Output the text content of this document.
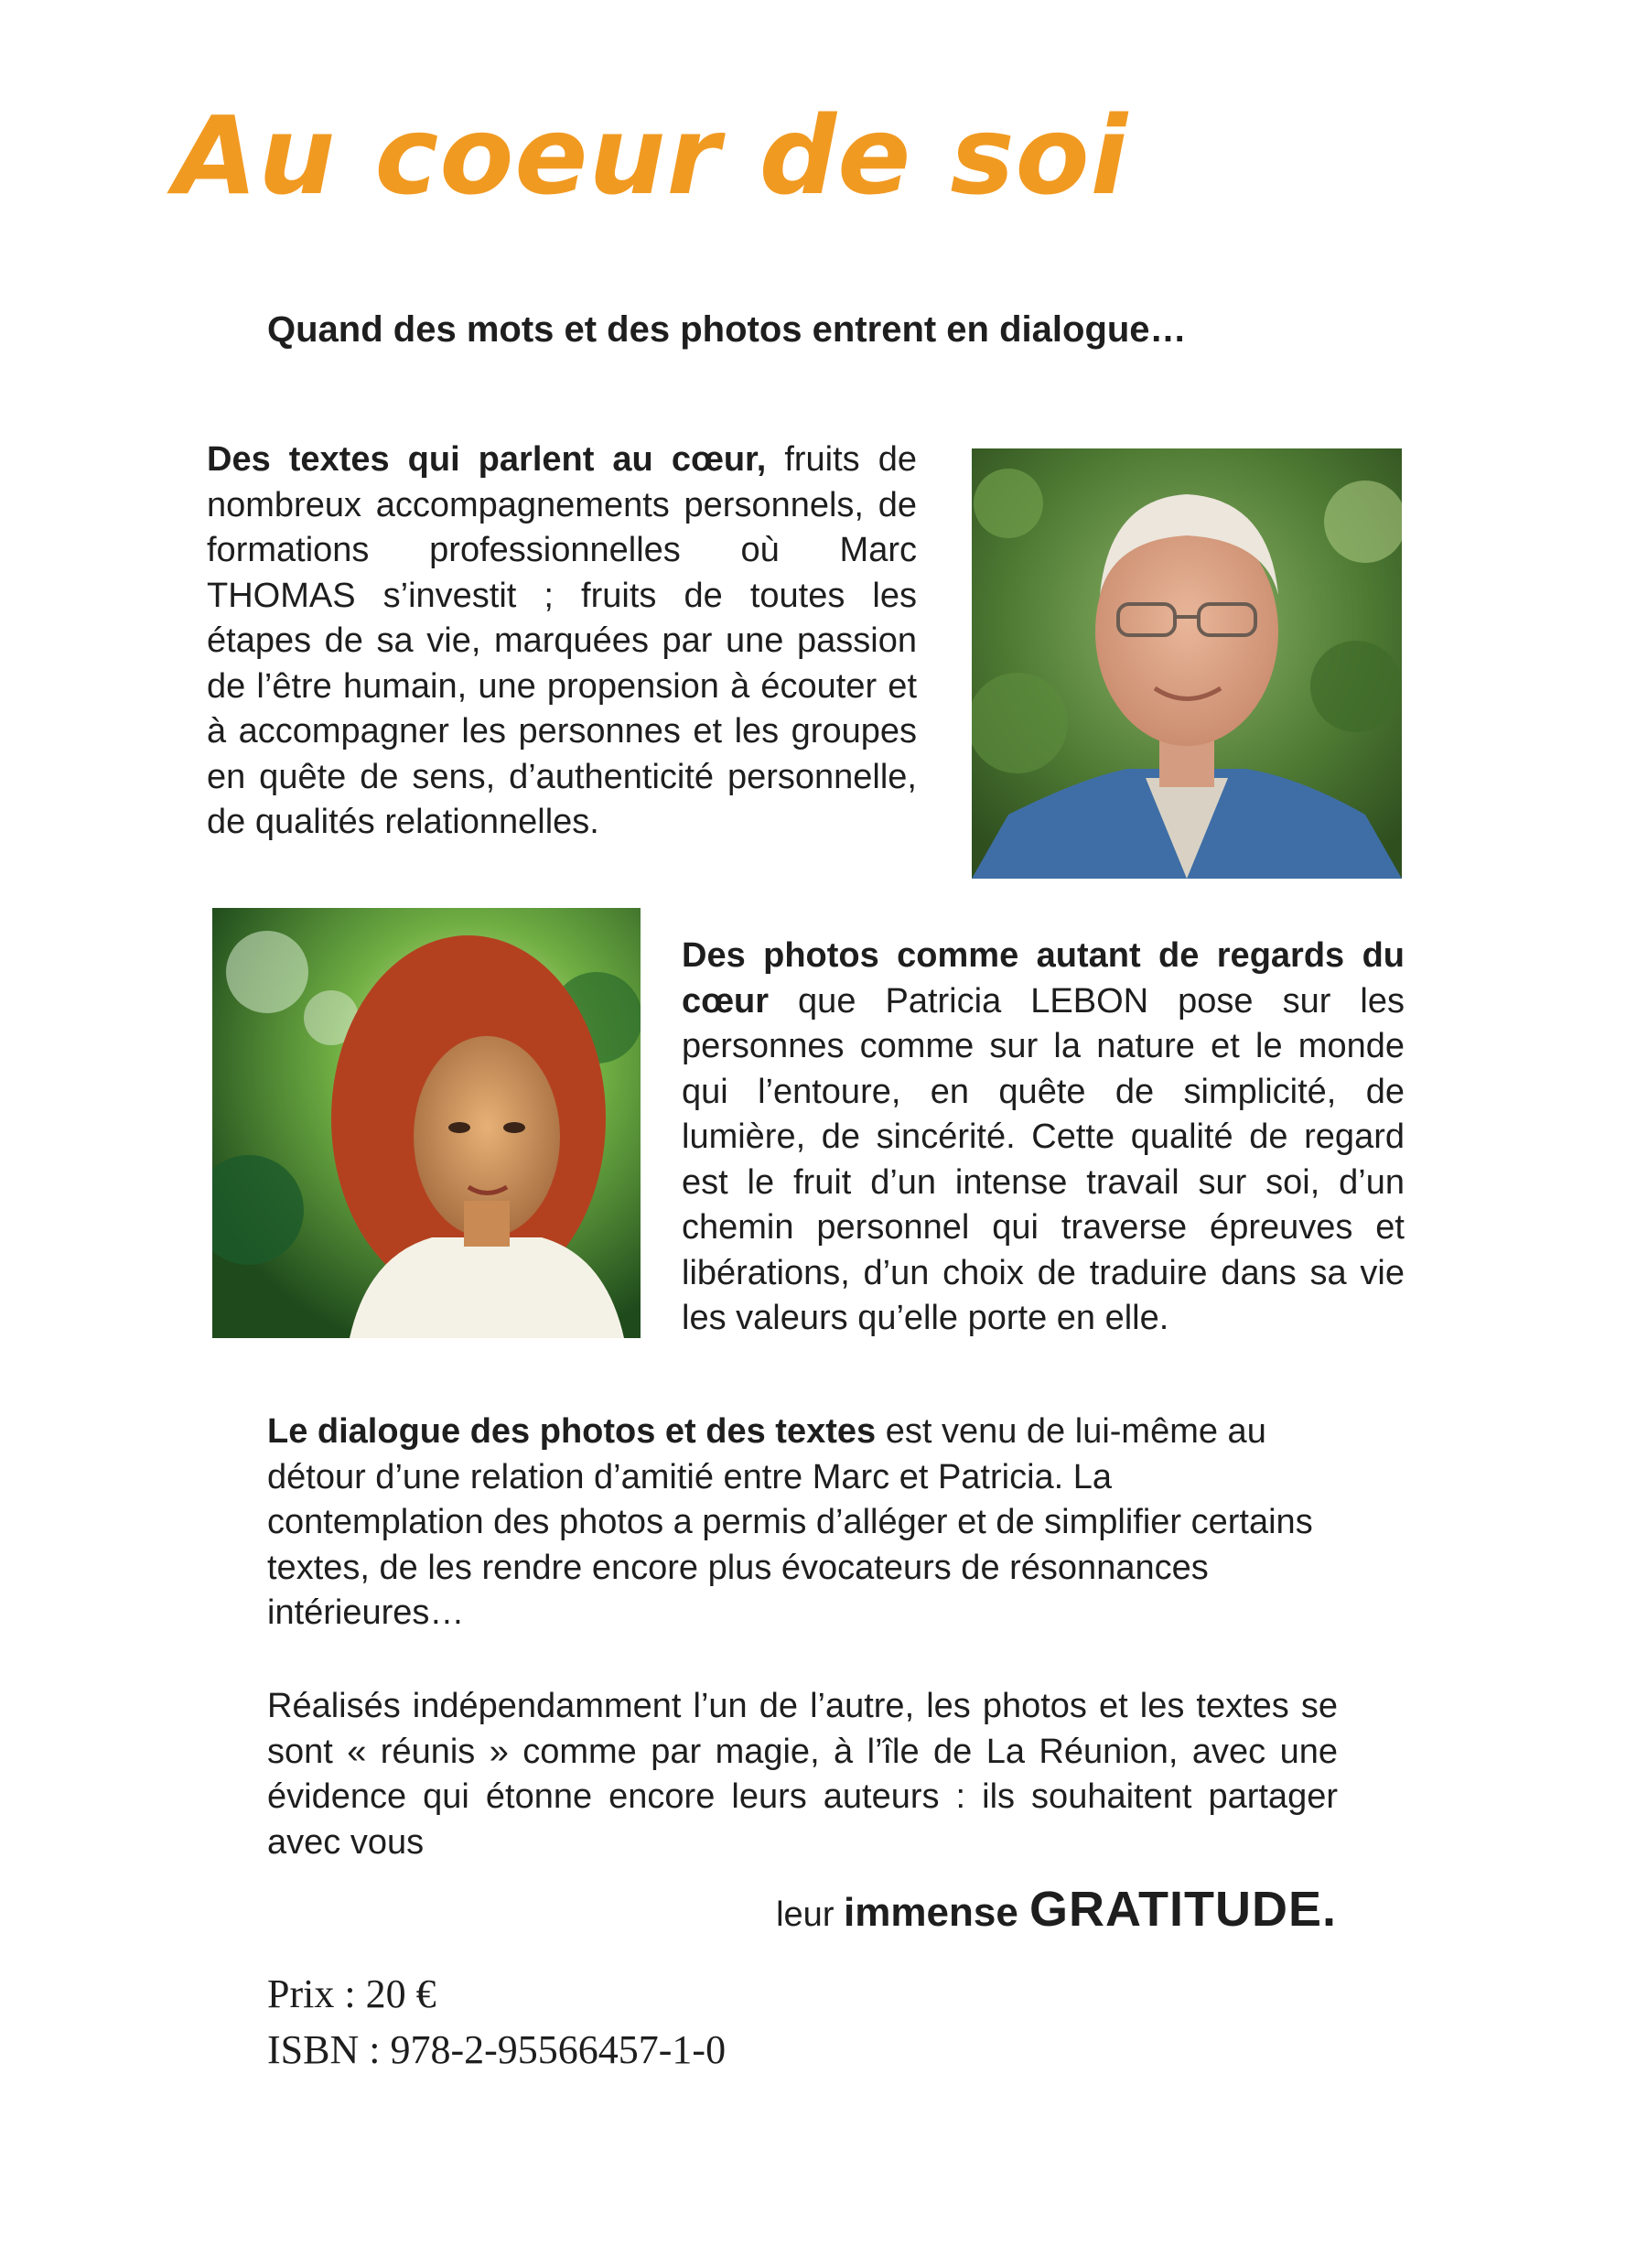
Au coeur de soi

Quand des mots et des photos entrent en dialogue…

Des textes qui parlent au cœur, fruits de nombreux accompagnements personnels, de formations professionnelles où Marc THOMAS s’investit ; fruits de toutes les étapes de sa vie, marquées par une passion de l’être humain, une propension à écouter et à accompagner les personnes et les groupes en quête de sens, d’authenticité personnelle, de qualités relationnelles.

Des photos comme autant de regards du cœur que Patricia LEBON pose sur les personnes comme sur la nature et le monde qui l’entoure, en quête de simplicité, de lumière, de sincérité. Cette qualité de regard est le fruit d’un intense travail sur soi, d’un chemin personnel qui traverse épreuves et libérations, d’un choix de traduire dans sa vie les valeurs qu’elle porte en elle.

Le dialogue des photos et des textes est venu de lui-même au détour d’une relation d’amitié entre Marc et Patricia. La contemplation des photos a permis d’alléger et de simplifier certains textes, de les rendre encore plus évocateurs de résonnances intérieures…

Réalisés indépendamment l’un de l’autre, les photos et les textes se sont « réunis » comme par magie, à l’île de La Réunion, avec une évidence qui étonne encore leurs auteurs : ils souhaitent partager avec vous

leur immense GRATITUDE.

Prix : 20 €

ISBN : 978-2-95566457-1-0
